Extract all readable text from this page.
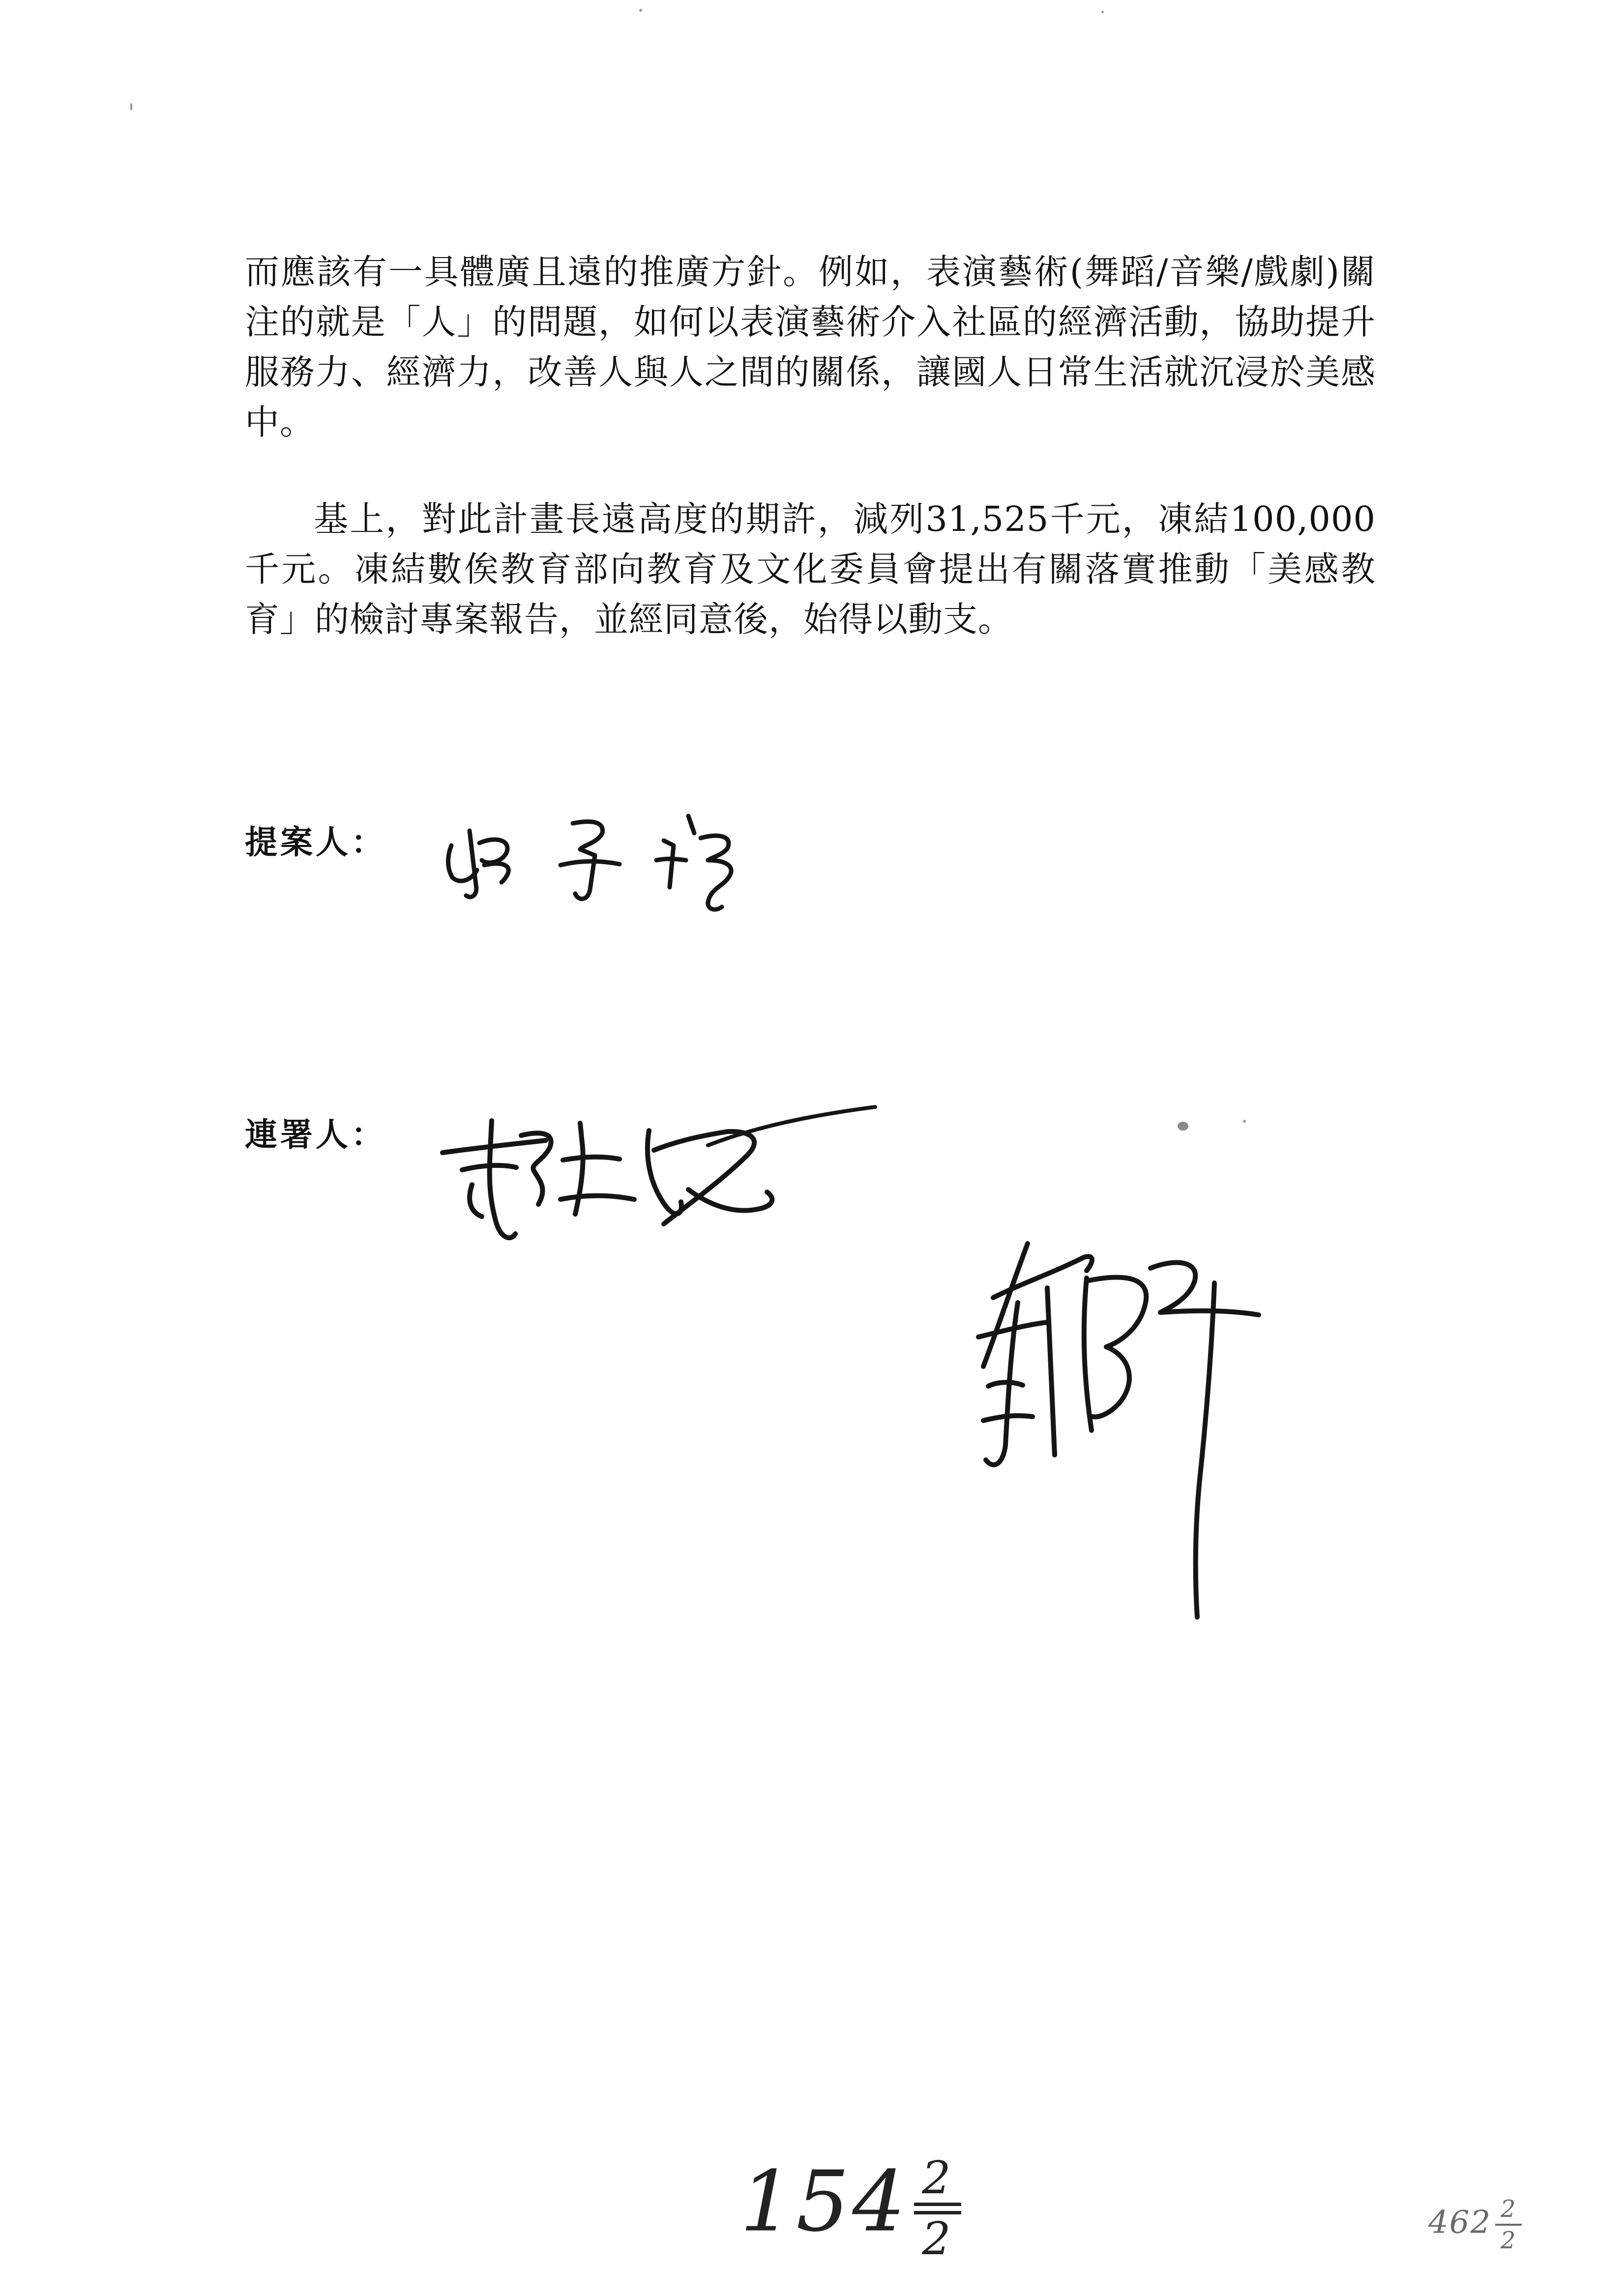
而應該有一具體廣且遠的推廣方針。例如，表演藝術(舞蹈/音樂/戲劇)關注的就是「人」的問題，如何以表演藝術介入社區的經濟活動，協助提升服務力、經濟力，改善人與人之間的關係，讓國人日常生活就沉浸於美感中。

基上，對此計畫長遠高度的期許，減列31,525千元，凍結100,000千元。凍結數俟教育部向教育及文化委員會提出有關落實推動「美感教育」的檢討專案報告，並經同意後，始得以動支。

提案人：
連署人：
154 2
2	$462 \frac{2}{2}$
